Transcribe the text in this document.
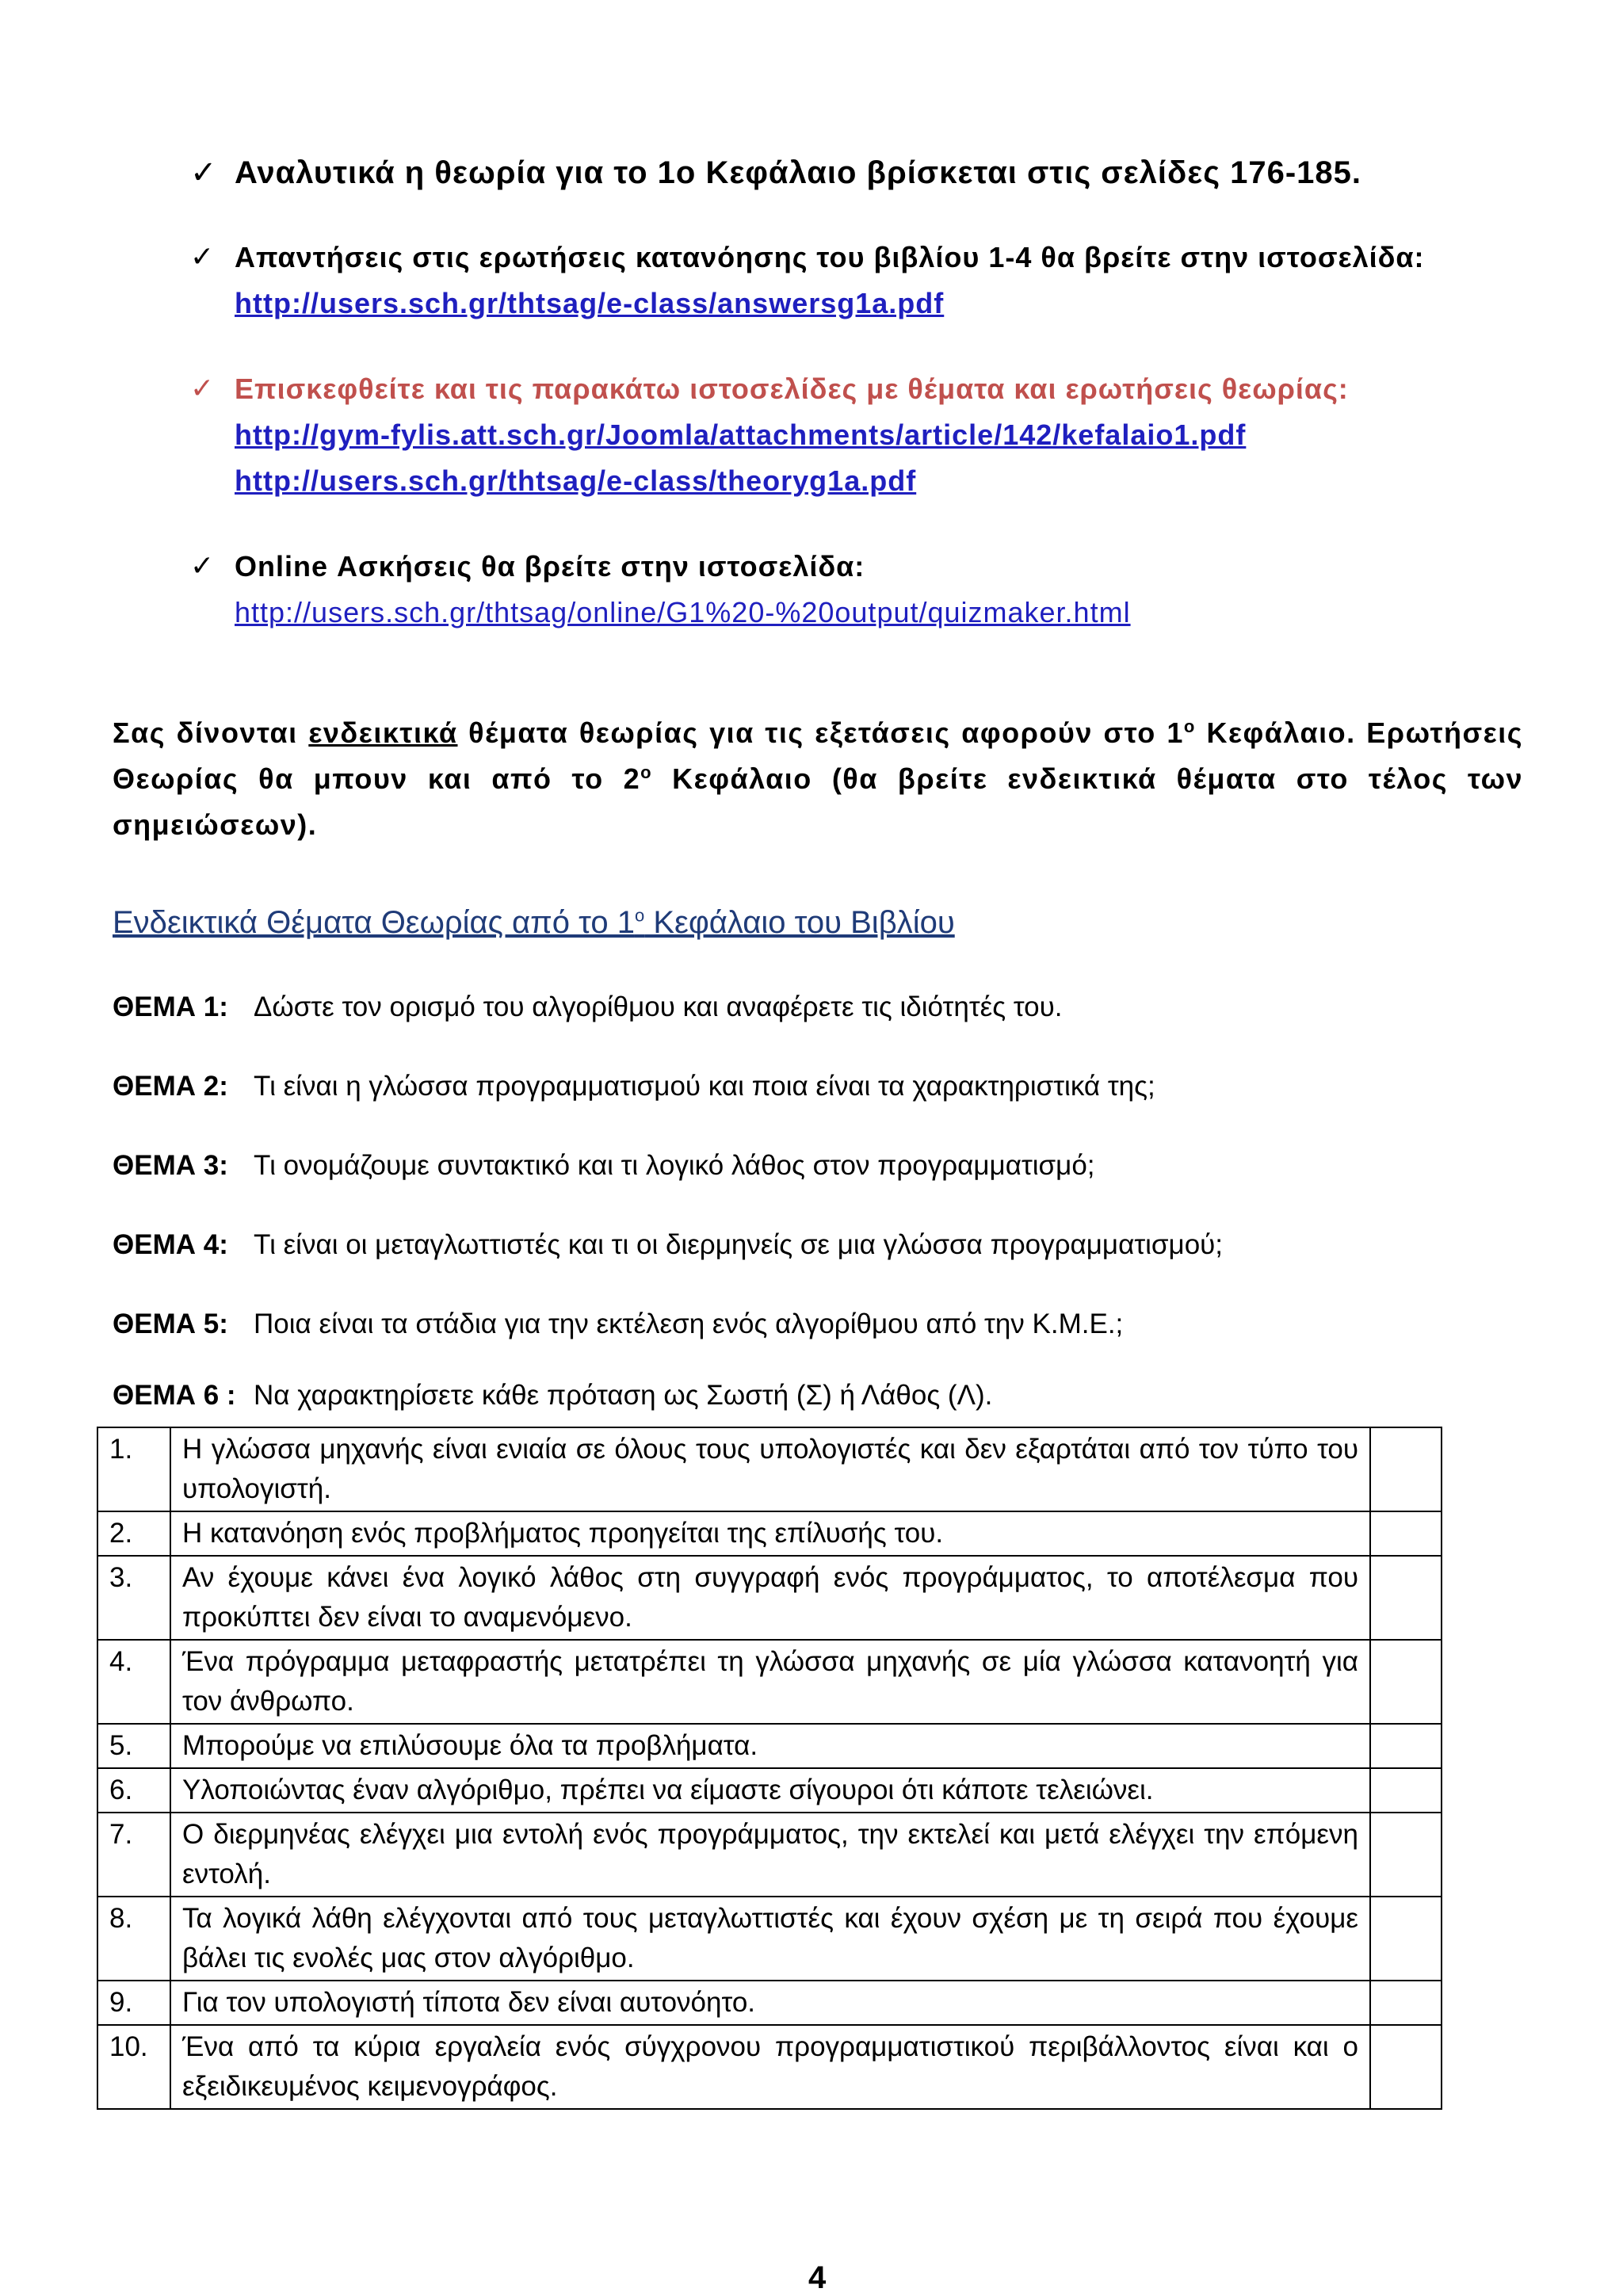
✓ Αναλυτικά η θεωρία για το 1ο Κεφάλαιο βρίσκεται στις σελίδες 176-185.
✓ Απαντήσεις στις ερωτήσεις κατανόησης του βιβλίου 1-4 θα βρείτε στην ιστοσελίδα:
http://users.sch.gr/thtsag/e-class/answersg1a.pdf
✓ Επισκεφθείτε και τις παρακάτω ιστοσελίδες με θέματα και ερωτήσεις θεωρίας:
http://gym-fylis.att.sch.gr/Joomla/attachments/article/142/kefalaio1.pdf
http://users.sch.gr/thtsag/e-class/theoryg1a.pdf
✓ Online Ασκήσεις θα βρείτε στην ιστοσελίδα:
http://users.sch.gr/thtsag/online/G1%20-%20output/quizmaker.html
Σας δίνονται ενδεικτικά θέματα θεωρίας για τις εξετάσεις αφορούν στο $1^o$ Κεφάλαιο. Ερωτήσεις Θεωρίας θα μπουν και από το $2^o$ Κεφάλαιο (θα βρείτε ενδεικτικά θέματα στο τέλος των σημειώσεων).
Ενδεικτικά Θέματα Θεωρίας από το $1^o$ Κεφάλαιο του Βιβλίου
ΘΕΜΑ 1: Δώστε τον ορισμό του αλγορίθμου και αναφέρετε τις ιδιότητές του.
ΘΕΜΑ 2: Τι είναι η γλώσσα προγραμματισμού και ποια είναι τα χαρακτηριστικά της;
ΘΕΜΑ 3: Τι ονομάζουμε συντακτικό και τι λογικό λάθος στον προγραμματισμό;
ΘΕΜΑ 4: Τι είναι οι μεταγλωττιστές και τι οι διερμηνείς σε μια γλώσσα προγραμματισμού;
ΘΕΜΑ 5: Ποια είναι τα στάδια για την εκτέλεση ενός αλγορίθμου από την Κ.Μ.Ε.;
ΘΕΜΑ 6 : Να χαρακτηρίσετε κάθε πρόταση ως Σωστή (Σ) ή Λάθος (Λ).
1.	Η γλώσσα μηχανής είναι ενιαία σε όλους τους υπολογιστές και δεν εξαρτάται από τον τύπο του υπολογιστή.	
2.	Η κατανόηση ενός προβλήματος προηγείται της επίλυσής του.	
3.	Αν έχουμε κάνει ένα λογικό λάθος στη συγγραφή ενός προγράμματος, το αποτέλεσμα που προκύπτει δεν είναι το αναμενόμενο.	
4.	Ένα πρόγραμμα μεταφραστής μετατρέπει τη γλώσσα μηχανής σε μία γλώσσα κατανοητή για τον άνθρωπο.	
5.	Μπορούμε να επιλύσουμε όλα τα προβλήματα.	
6.	Υλοποιώντας έναν αλγόριθμο, πρέπει να είμαστε σίγουροι ότι κάποτε τελειώνει.	
7.	Ο διερμηνέας ελέγχει μια εντολή ενός προγράμματος, την εκτελεί και μετά ελέγχει την επόμενη εντολή.	
8.	Τα λογικά λάθη ελέγχονται από τους μεταγλωττιστές και έχουν σχέση με τη σειρά που έχουμε βάλει τις ενολές μας στον αλγόριθμο.	
9.	Για τον υπολογιστή τίποτα δεν είναι αυτονόητο.	
10.	Ένα από τα κύρια εργαλεία ενός σύγχρονου προγραμματιστικού περιβάλλοντος είναι και ο εξειδικευμένος κειμενογράφος.	
4
